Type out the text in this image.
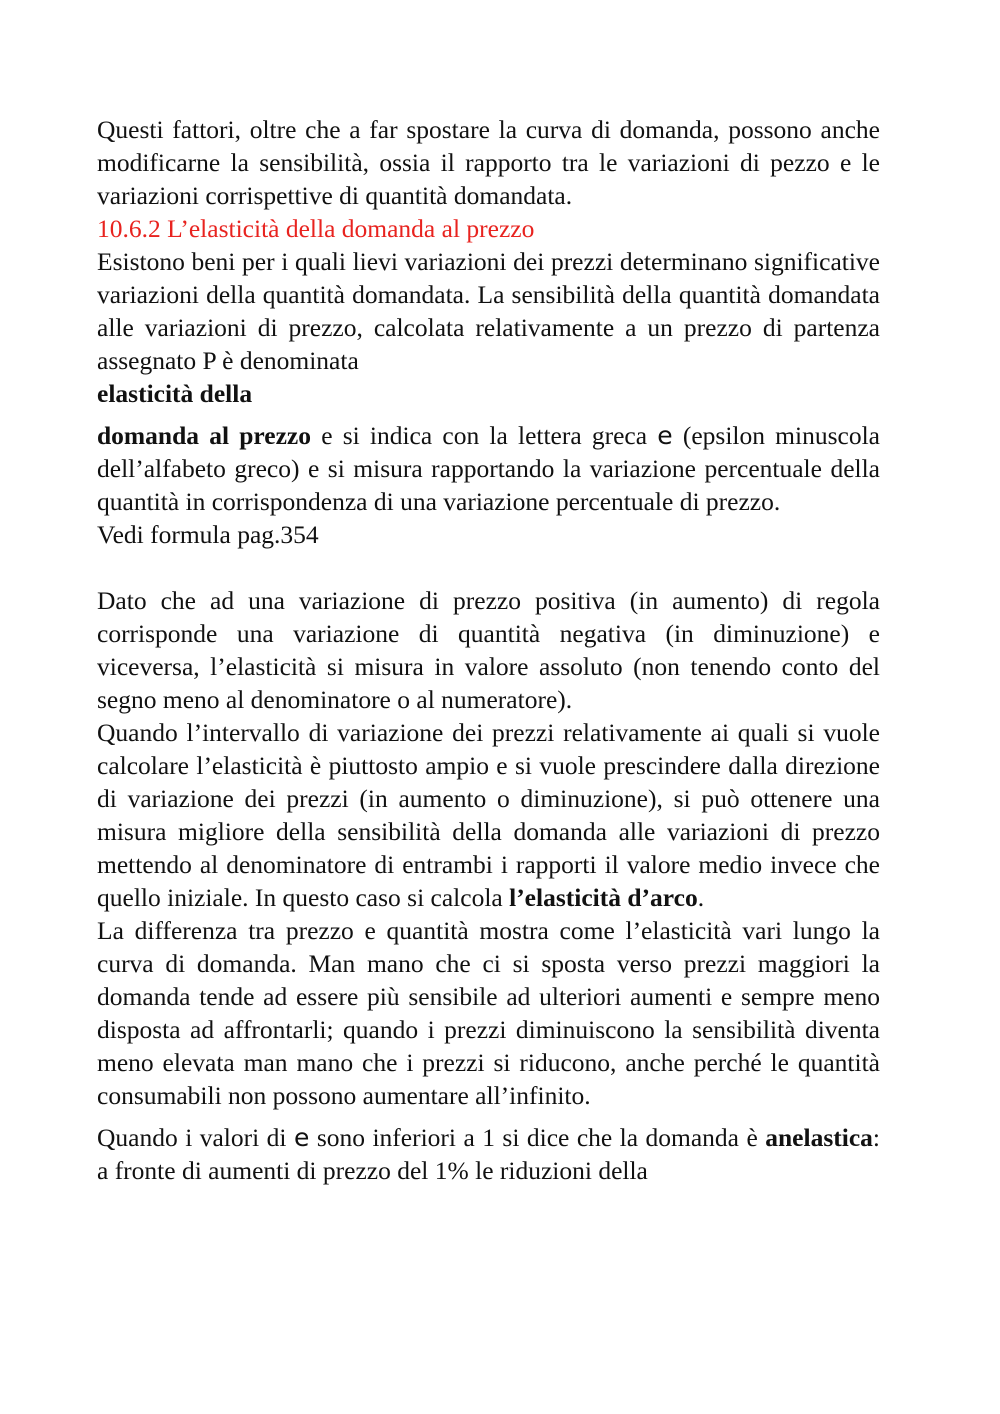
Questi fattori, oltre che a far spostare la curva di domanda, possono anche modificarne la sensibilità, ossia il rapporto tra le variazioni di pezzo e le variazioni corrispettive di quantità domandata.

10.6.2 L’elasticità della domanda al prezzo

Esistono beni per i quali lievi variazioni dei prezzi determinano significative variazioni della quantità domandata. La sensibilità della quantità domandata alle variazioni di prezzo, calcolata relativamente a un prezzo di partenza assegnato P è denominata
elasticità della

domanda al prezzo e si indica con la lettera greca e (epsilon minuscola dell’alfabeto greco) e si misura rapportando la variazione percentuale della quantità in corrispondenza di una variazione percentuale di prezzo.

Vedi formula pag.354

Dato che ad una variazione di prezzo positiva (in aumento) di regola corrisponde una variazione di quantità negativa (in diminuzione) e viceversa, l’elasticità si misura in valore assoluto (non tenendo conto del segno meno al denominatore o al numeratore).

Quando l’intervallo di variazione dei prezzi relativamente ai quali si vuole calcolare l’elasticità è piuttosto ampio e si vuole prescindere dalla direzione di variazione dei prezzi (in aumento o diminuzione), si può ottenere una misura migliore della sensibilità della domanda alle variazioni di prezzo mettendo al denominatore di entrambi i rapporti il valore medio invece che quello iniziale. In questo caso si calcola l’elasticità d’arco.

La differenza tra prezzo e quantità mostra come l’elasticità vari lungo la curva di domanda. Man mano che ci si sposta verso prezzi maggiori la domanda tende ad essere più sensibile ad ulteriori aumenti e sempre meno disposta ad affrontarli; quando i prezzi diminuiscono la sensibilità diventa meno elevata man mano che i prezzi si riducono, anche perché le quantità consumabili non possono aumentare all’infinito.

Quando i valori di e sono inferiori a 1 si dice che la domanda è anelastica: a fronte di aumenti di prezzo del 1% le riduzioni della
